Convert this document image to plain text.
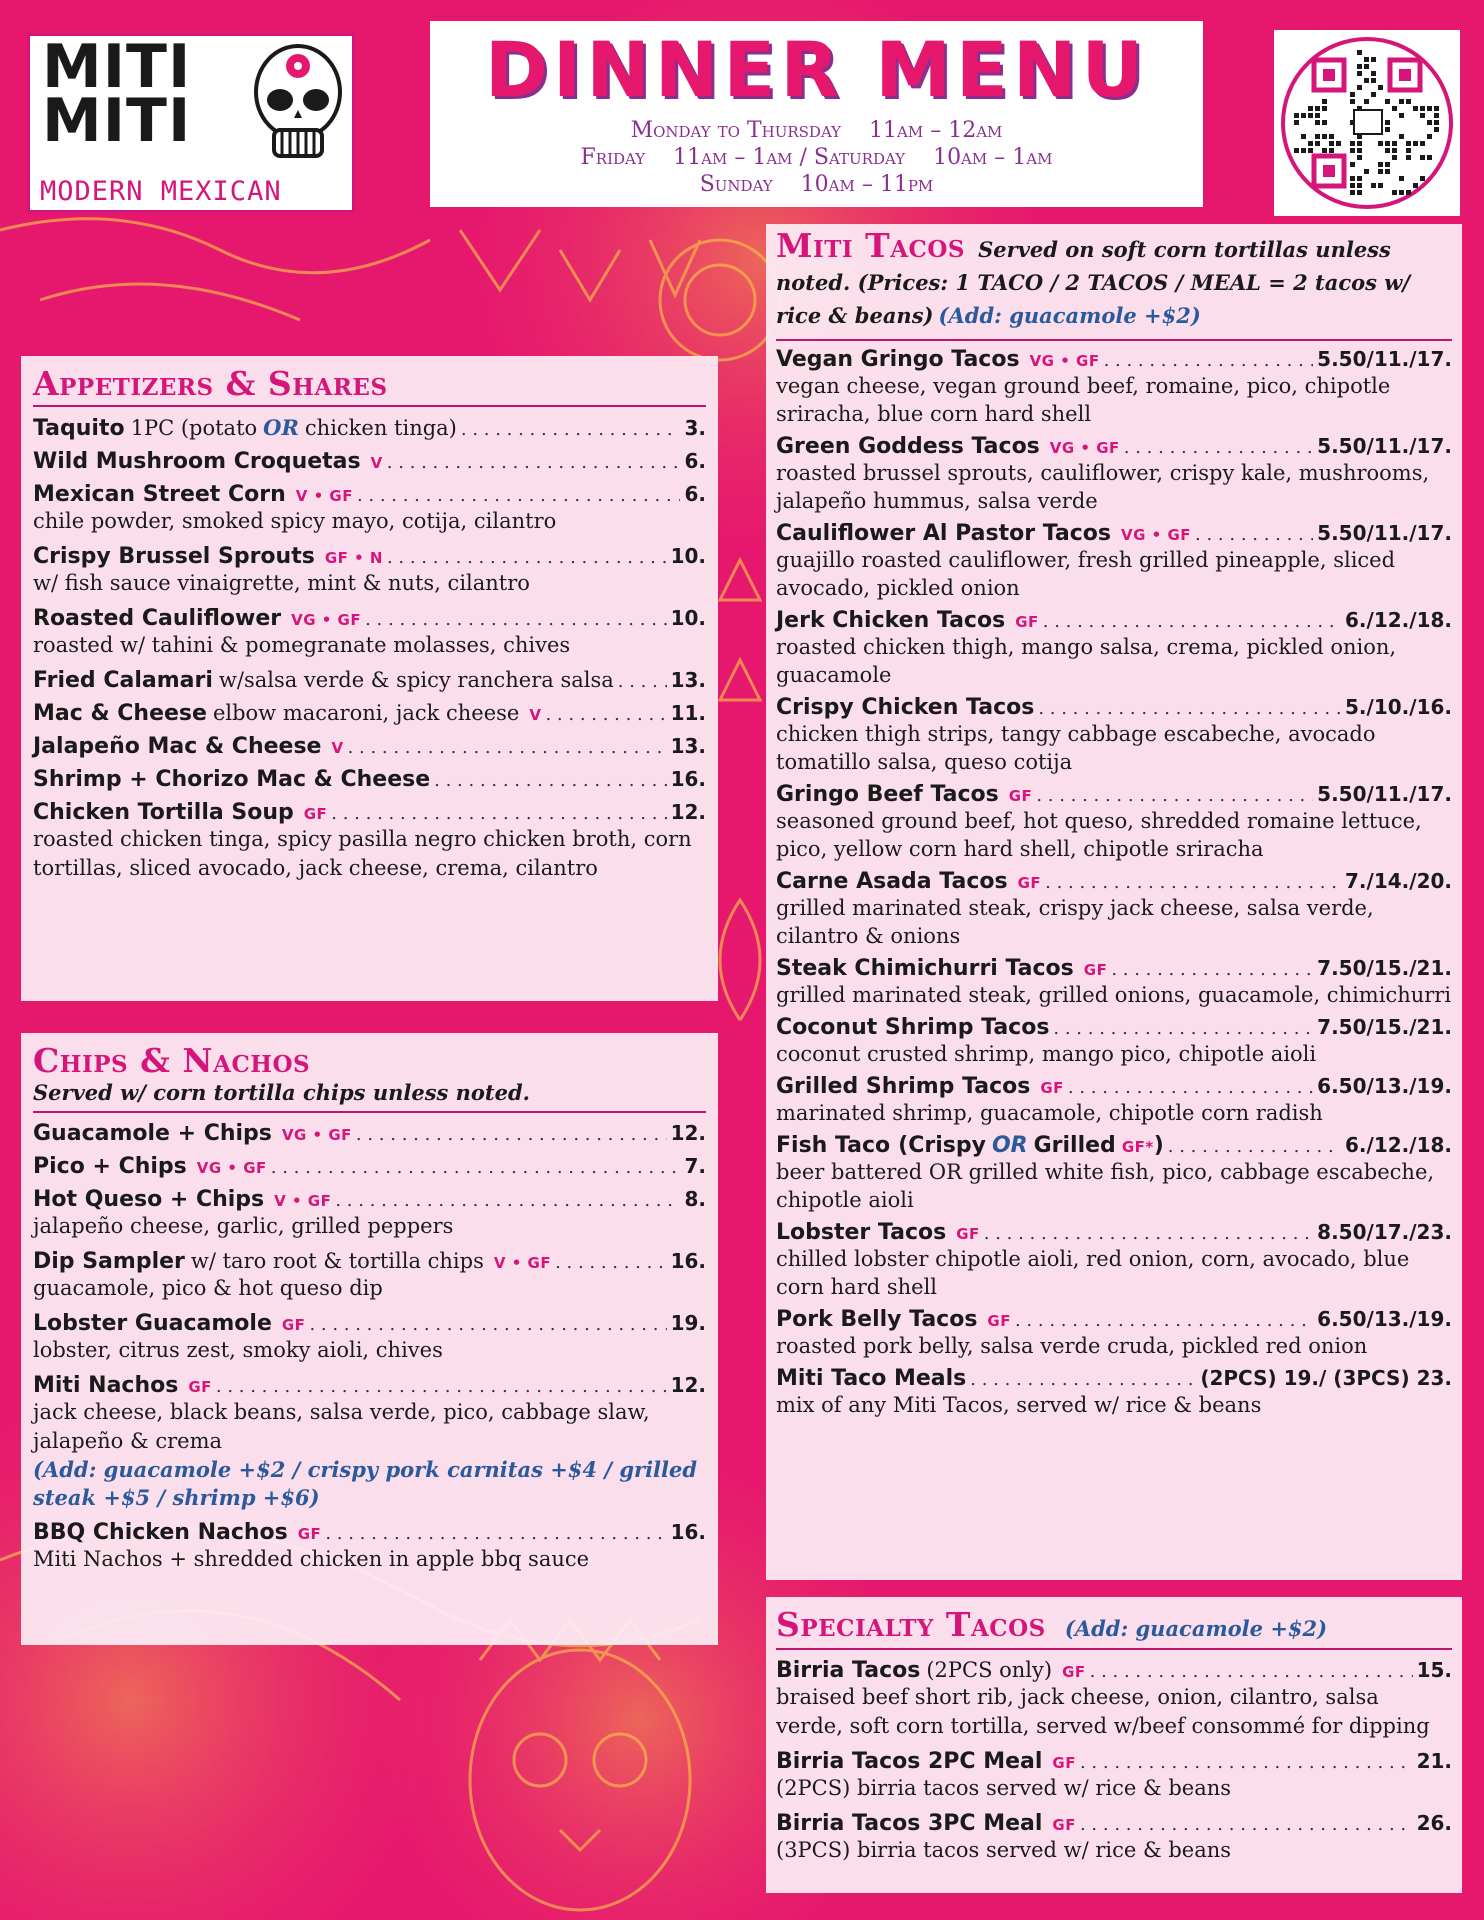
MITI
MITI
MODERN MEXICAN
DINNER MENU
Monday to Thursday    11am – 12am
Friday    11am – 1am / Saturday    10am – 1am
Sunday    10am – 11pm
Appetizers & Shares
Taquito 1PC (potato OR chicken tinga) . . .	3.
Wild Mushroom Croquetas V . . .	6.
Mexican Street Corn V • GF . . .	6.
chile powder, smoked spicy mayo, cotija, cilantro
Crispy Brussel Sprouts GF • N . . .	10.
w/ fish sauce vinaigrette, mint & nuts, cilantro
Roasted Cauliflower VG • GF . . .	10.
roasted w/ tahini & pomegranate molasses, chives
Fried Calamari w/salsa verde & spicy ranchera salsa . . .	13.
Mac & Cheese elbow macaroni, jack cheese V . . .	11.
Jalapeño Mac & Cheese V . . .	13.
Shrimp + Chorizo Mac & Cheese . . .	16.
Chicken Tortilla Soup GF . . .	12.
roasted chicken tinga, spicy pasilla negro chicken broth, corn tortillas, sliced avocado, jack cheese, crema, cilantro
Chips & Nachos
Served w/ corn tortilla chips unless noted.
Guacamole + Chips VG • GF . . .	12.
Pico + Chips VG • GF . . .	7.
Hot Queso + Chips V • GF . . .	8.
jalapeño cheese, garlic, grilled peppers
Dip Sampler w/ taro root & tortilla chips V • GF . . .	16.
guacamole, pico & hot queso dip
Lobster Guacamole GF . . .	19.
lobster, citrus zest, smoky aioli, chives
Miti Nachos GF . . .	12.
jack cheese, black beans, salsa verde, pico, cabbage slaw, jalapeño & crema
(Add: guacamole +$2 / crispy pork carnitas +$4 / grilled steak +$5 / shrimp +$6)
BBQ Chicken Nachos GF . . .	16.
Miti Nachos + shredded chicken in apple bbq sauce
Miti Tacos Served on soft corn tortillas unless noted. (Prices: 1 TACO / 2 TACOS / MEAL = 2 tacos w/ rice & beans) (Add: guacamole +$2)
Vegan Gringo Tacos VG • GF . . .	5.50/11./17.
vegan cheese, vegan ground beef, romaine, pico, chipotle sriracha, blue corn hard shell
Green Goddess Tacos VG • GF . . .	5.50/11./17.
roasted brussel sprouts, cauliflower, crispy kale, mushrooms, jalapeño hummus, salsa verde
Cauliflower Al Pastor Tacos VG • GF . . .	5.50/11./17.
guajillo roasted cauliflower, fresh grilled pineapple, sliced avocado, pickled onion
Jerk Chicken Tacos GF . . .	6./12./18.
roasted chicken thigh, mango salsa, crema, pickled onion, guacamole
Crispy Chicken Tacos . . .	5./10./16.
chicken thigh strips, tangy cabbage escabeche, avocado tomatillo salsa, queso cotija
Gringo Beef Tacos GF . . .	5.50/11./17.
seasoned ground beef, hot queso, shredded romaine lettuce, pico, yellow corn hard shell, chipotle sriracha
Carne Asada Tacos GF . . .	7./14./20.
grilled marinated steak, crispy jack cheese, salsa verde, cilantro & onions
Steak Chimichurri Tacos GF . . .	7.50/15./21.
grilled marinated steak, grilled onions, guacamole, chimichurri
Coconut Shrimp Tacos . . .	7.50/15./21.
coconut crusted shrimp, mango pico, chipotle aioli
Grilled Shrimp Tacos GF . . .	6.50/13./19.
marinated shrimp, guacamole, chipotle corn radish
Fish Taco (Crispy OR Grilled GF* ) . . .	6./12./18.
beer battered OR grilled white fish, pico, cabbage escabeche, chipotle aioli
Lobster Tacos GF . . .	8.50/17./23.
chilled lobster chipotle aioli, red onion, corn, avocado, blue corn hard shell
Pork Belly Tacos GF . . .	6.50/13./19.
roasted pork belly, salsa verde cruda, pickled red onion
Miti Taco Meals . . .	(2PCS) 19./ (3PCS) 23.
mix of any Miti Tacos, served w/ rice & beans
Specialty Tacos (Add: guacamole +$2)
Birria Tacos (2PCS only) GF . . .	15.
braised beef short rib, jack cheese, onion, cilantro, salsa verde, soft corn tortilla, served w/beef consommé for dipping
Birria Tacos 2PC Meal GF . . .	21.
(2PCS) birria tacos served w/ rice & beans
Birria Tacos 3PC Meal GF . . .	26.
(3PCS) birria tacos served w/ rice & beans
